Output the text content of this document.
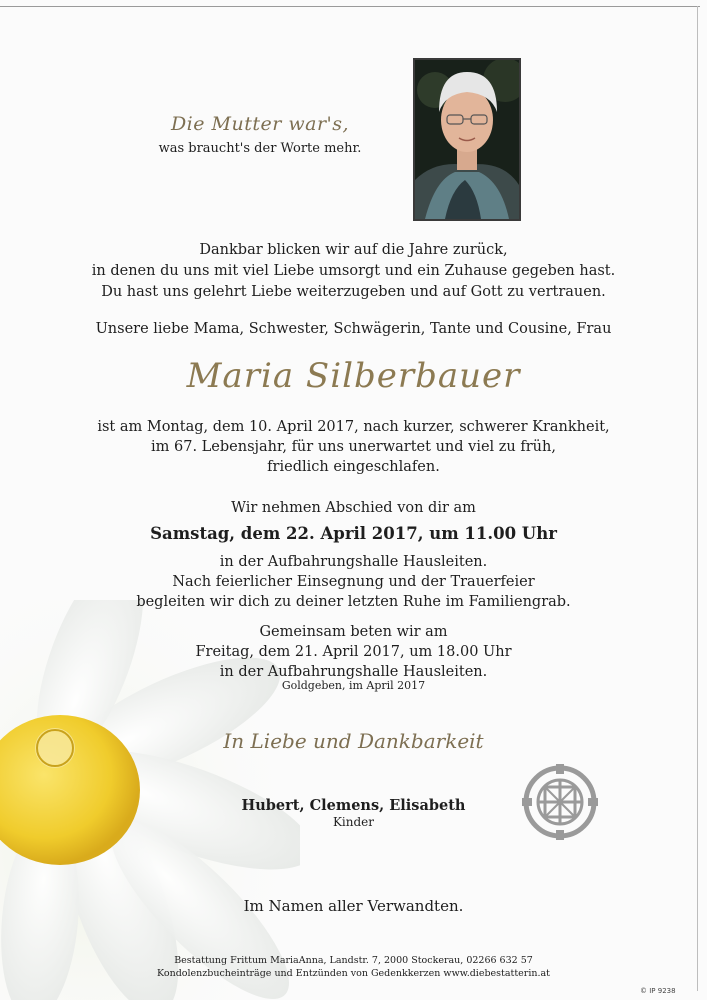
Die Mutter war's,
was braucht's der Worte mehr.
Dankbar blicken wir auf die Jahre zurück,
in denen du uns mit viel Liebe umsorgt und ein Zuhause gegeben hast.
Du hast uns gelehrt Liebe weiterzugeben und auf Gott zu vertrauen.
Unsere liebe Mama, Schwester, Schwägerin, Tante und Cousine, Frau
Maria Silberbauer
ist am Montag, dem 10. April 2017, nach kurzer, schwerer Krankheit,
im 67. Lebensjahr, für uns unerwartet und viel zu früh,
friedlich eingeschlafen.
Wir nehmen Abschied von dir am
Samstag, dem 22. April 2017, um 11.00 Uhr
in der Aufbahrungshalle Hausleiten.
Nach feierlicher Einsegnung und der Trauerfeier
begleiten wir dich zu deiner letzten Ruhe im Familiengrab.
Gemeinsam beten wir am
Freitag, dem 21. April 2017, um 18.00 Uhr
in der Aufbahrungshalle Hausleiten.
Goldgeben, im April 2017
In Liebe und Dankbarkeit
Hubert, Clemens, Elisabeth
Kinder
Im Namen aller Verwandten.
Bestattung Frittum MariaAnna, Landstr. 7, 2000 Stockerau, 02266 632 57
Kondolenzbucheinträge und Entzünden von Gedenkkerzen www.diebestatterin.at
© IP 9238
